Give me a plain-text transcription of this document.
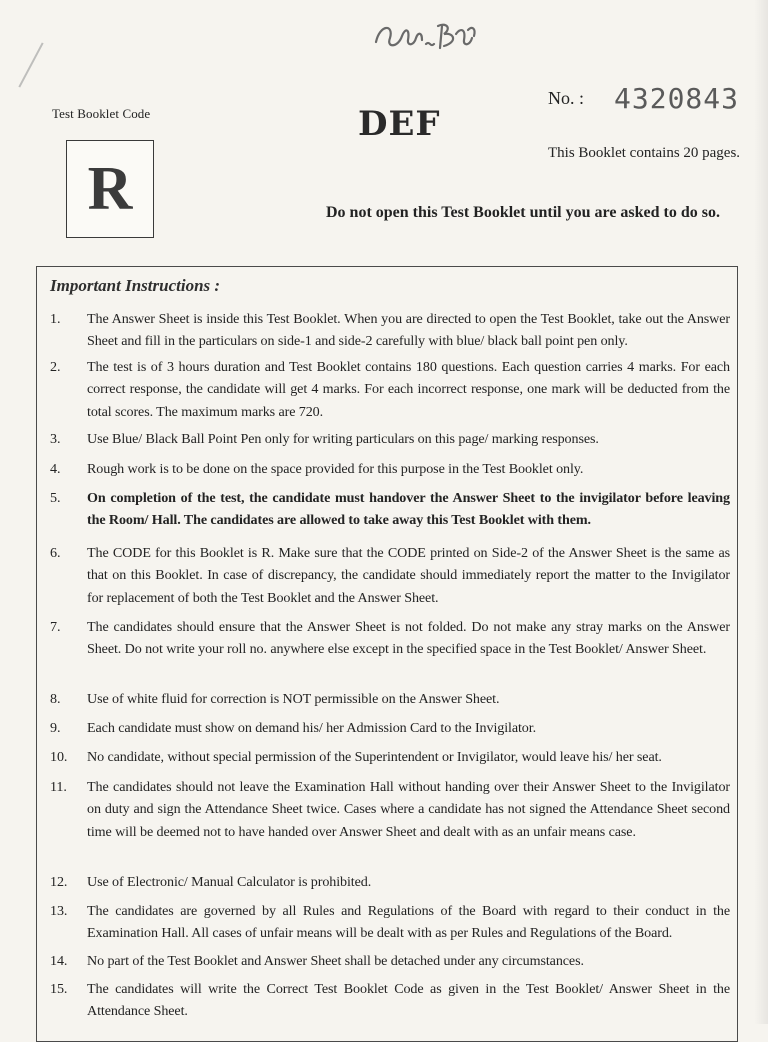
Test Booklet Code
R
DEF
No. : 4320843
This Booklet contains 20 pages.
Do not open this Test Booklet until you are asked to do so.
Important Instructions :
1. The Answer Sheet is inside this Test Booklet. When you are directed to open the Test Booklet, take out the Answer Sheet and fill in the particulars on side-1 and side-2 carefully with blue/ black ball point pen only.
2. The test is of 3 hours duration and Test Booklet contains 180 questions. Each question carries 4 marks. For each correct response, the candidate will get 4 marks. For each incorrect response, one mark will be deducted from the total scores. The maximum marks are 720.
3. Use Blue/ Black Ball Point Pen only for writing particulars on this page/ marking responses.
4. Rough work is to be done on the space provided for this purpose in the Test Booklet only.
5. On completion of the test, the candidate must handover the Answer Sheet to the invigilator before leaving the Room/ Hall. The candidates are allowed to take away this Test Booklet with them.
6. The CODE for this Booklet is R. Make sure that the CODE printed on Side-2 of the Answer Sheet is the same as that on this Booklet. In case of discrepancy, the candidate should immediately report the matter to the Invigilator for replacement of both the Test Booklet and the Answer Sheet.
7. The candidates should ensure that the Answer Sheet is not folded. Do not make any stray marks on the Answer Sheet. Do not write your roll no. anywhere else except in the specified space in the Test Booklet/ Answer Sheet.
8. Use of white fluid for correction is NOT permissible on the Answer Sheet.
9. Each candidate must show on demand his/ her Admission Card to the Invigilator.
10. No candidate, without special permission of the Superintendent or Invigilator, would leave his/ her seat.
11. The candidates should not leave the Examination Hall without handing over their Answer Sheet to the Invigilator on duty and sign the Attendance Sheet twice. Cases where a candidate has not signed the Attendance Sheet second time will be deemed not to have handed over Answer Sheet and dealt with as an unfair means case.
12. Use of Electronic/ Manual Calculator is prohibited.
13. The candidates are governed by all Rules and Regulations of the Board with regard to their conduct in the Examination Hall. All cases of unfair means will be dealt with as per Rules and Regulations of the Board.
14. No part of the Test Booklet and Answer Sheet shall be detached under any circumstances.
15. The candidates will write the Correct Test Booklet Code as given in the Test Booklet/ Answer Sheet in the Attendance Sheet.
